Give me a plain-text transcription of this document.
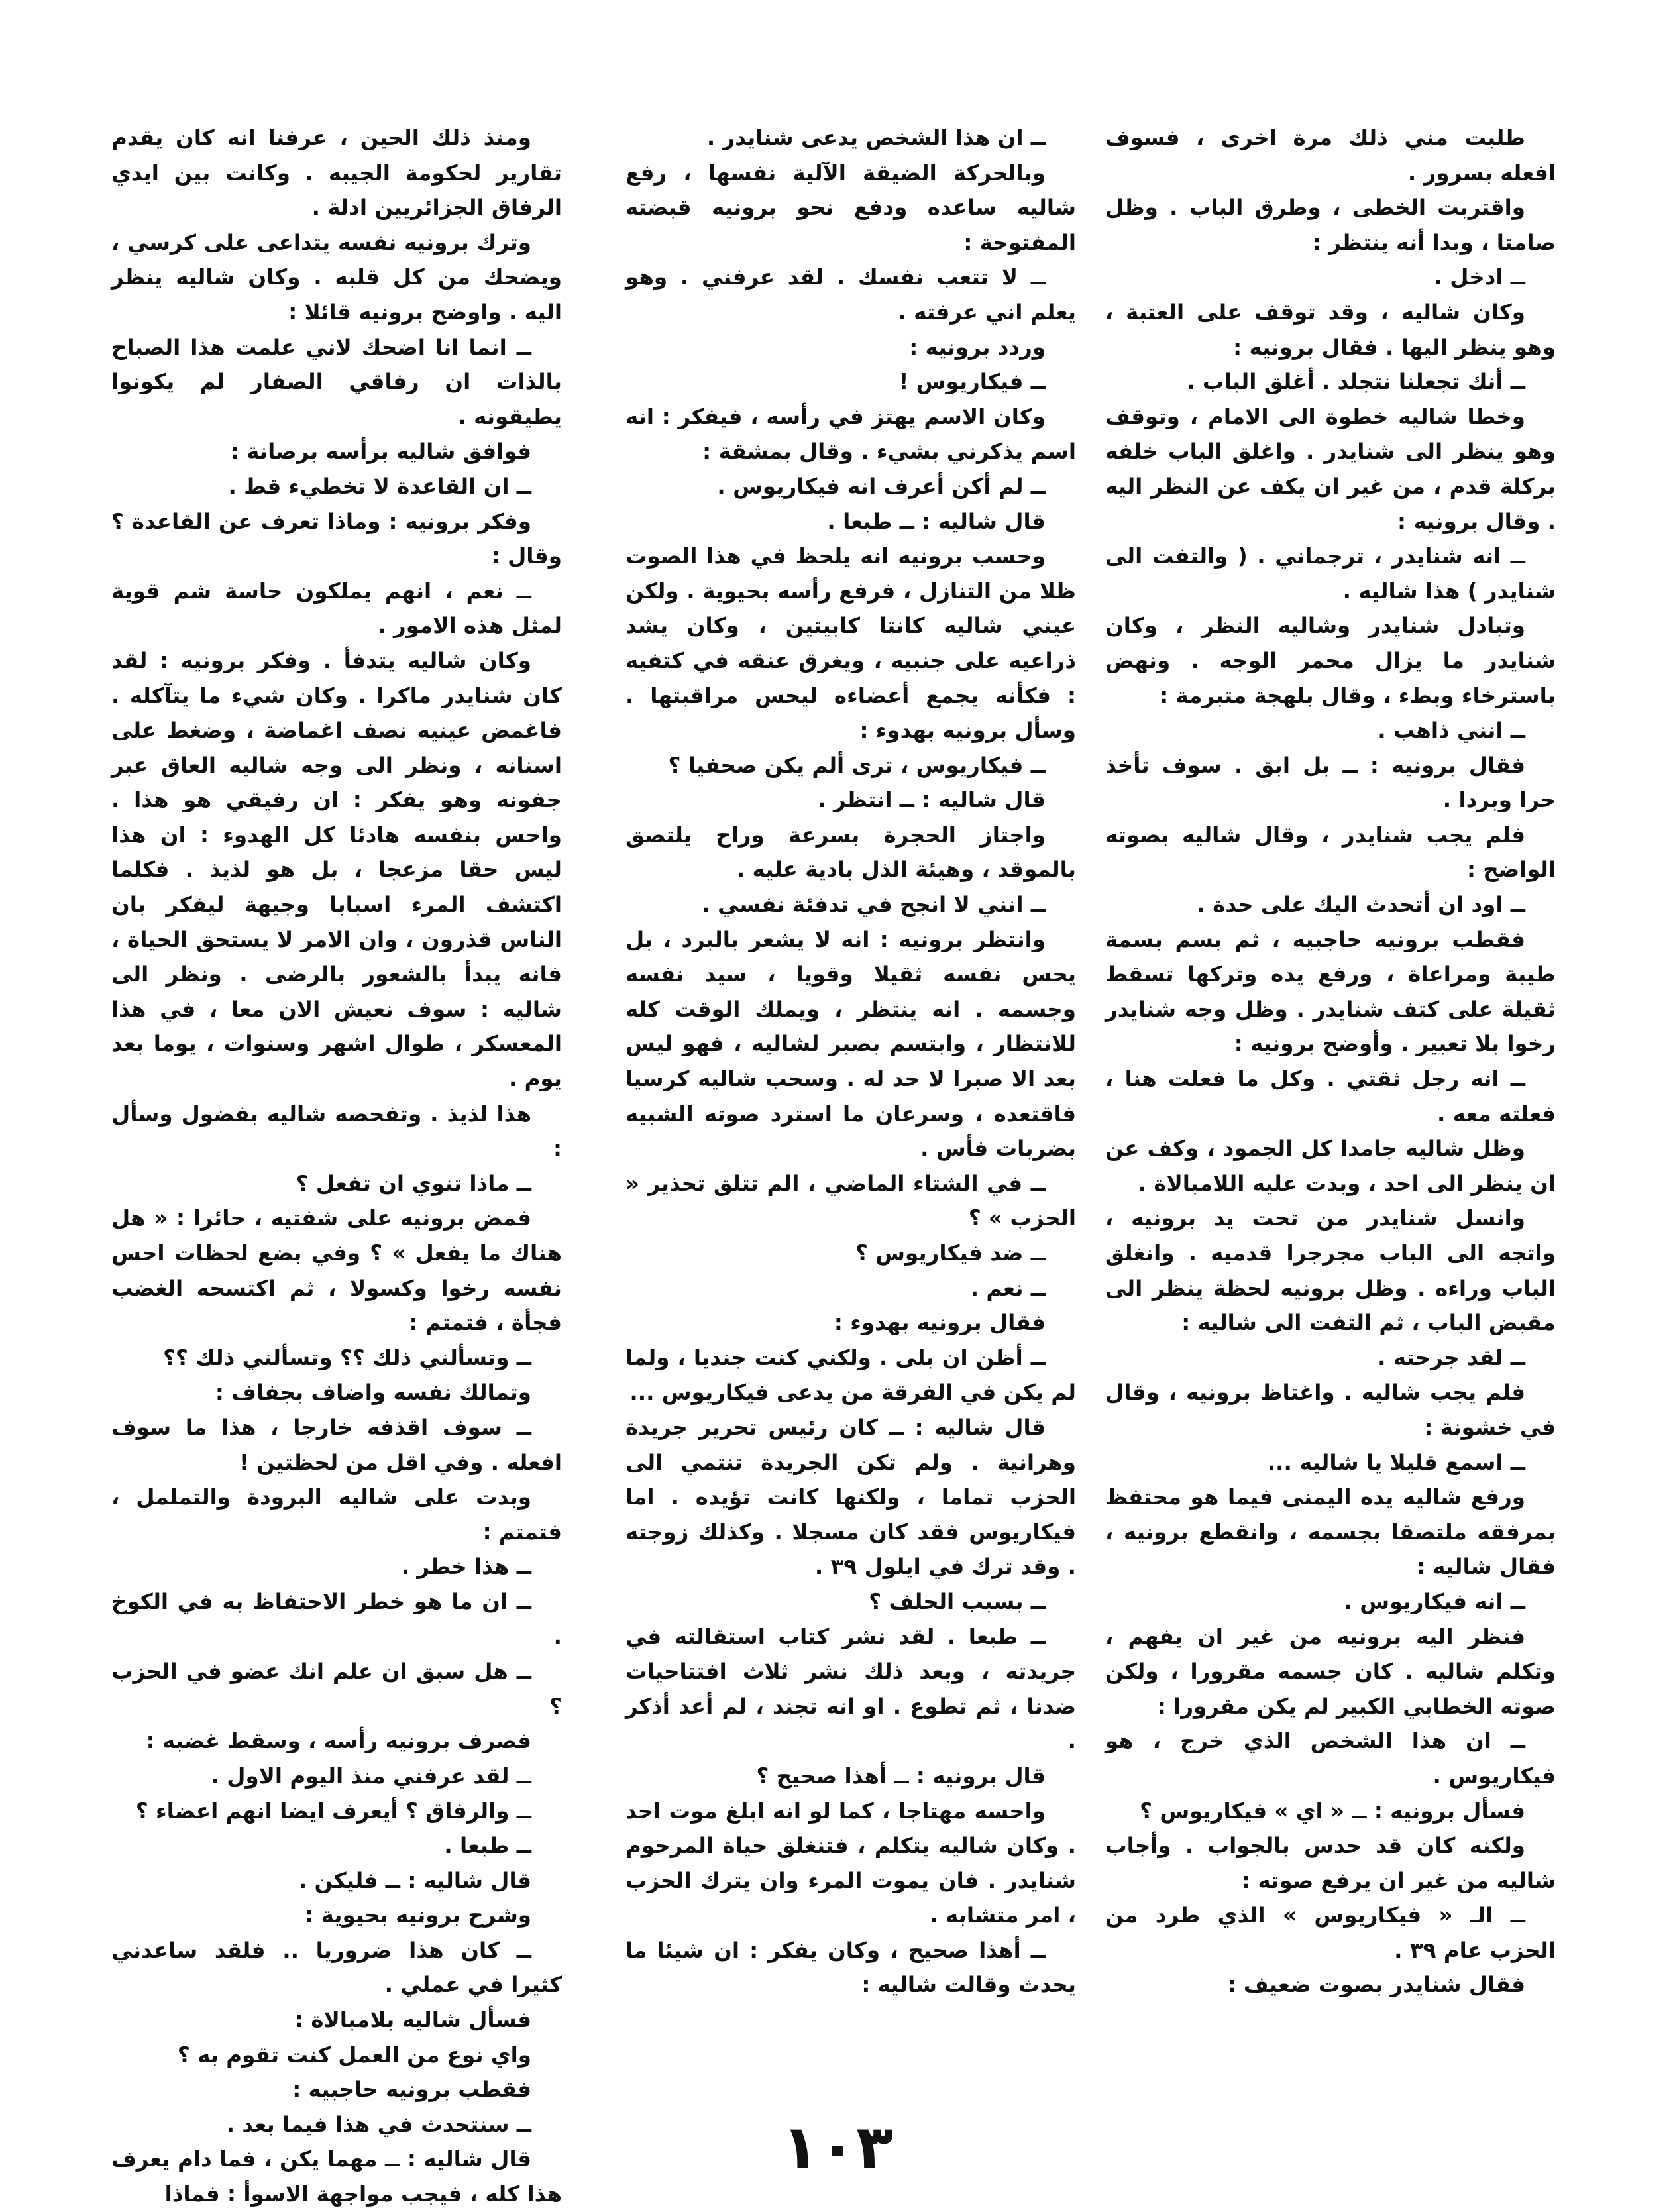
طلبت مني ذلك مرة اخرى ، فسوف افعله بسرور .

واقتربت الخطى ، وطرق الباب . وظل صامتا ، وبدا أنه ينتظر :

ــ ادخل .

وكان شاليه ، وقد توقف على العتبة ، وهو ينظر اليها . فقال برونيه :

ــ أنك تجعلنا نتجلد . أغلق الباب .

وخطا شاليه خطوة الى الامام ، وتوقف وهو ينظر الى شنايدر . واغلق الباب خلفه بركلة قدم ، من غير ان يكف عن النظر اليه . وقال برونيه :

ــ انه شنايدر ، ترجماني . ( والتفت الى شنايدر ) هذا شاليه .

وتبادل شنايدر وشاليه النظر ، وكان شنايدر ما يزال محمر الوجه . ونهض باسترخاء وبطء ، وقال بلهجة متبرمة :

ــ انني ذاهب .

فقال برونيه : ــ بل ابق . سوف تأخذ حرا وبردا .

فلم يجب شنايدر ، وقال شاليه بصوته الواضح :

ــ اود ان أتحدث اليك على حدة .

فقطب برونيه حاجبيه ، ثم بسم بسمة طيبة ومراعاة ، ورفع يده وتركها تسقط ثقيلة على كتف شنايدر . وظل وجه شنايدر رخوا بلا تعبير . وأوضح برونيه :

ــ انه رجل ثقتي . وكل ما فعلت هنا ، فعلته معه .

وظل شاليه جامدا كل الجمود ، وكف عن ان ينظر الى احد ، وبدت عليه اللامبالاة .

وانسل شنايدر من تحت يد برونيه ، واتجه الى الباب مجرجرا قدميه . وانغلق الباب وراءه . وظل برونيه لحظة ينظر الى مقبض الباب ، ثم التفت الى شاليه :

ــ لقد جرحته .

فلم يجب شاليه . واغتاظ برونيه ، وقال في خشونة :

ــ اسمع قليلا يا شاليه ...

ورفع شاليه يده اليمنى فيما هو محتفظ بمرفقه ملتصقا بجسمه ، وانقطع برونيه ، فقال شاليه :

ــ انه فيكاريوس .

فنظر اليه برونيه من غير ان يفهم ، وتكلم شاليه . كان جسمه مقرورا ، ولكن صوته الخطابي الكبير لم يكن مقرورا :

ــ ان هذا الشخص الذي خرج ، هو فيكاريوس .

فسأل برونيه : ــ « اي » فيكاريوس ؟

ولكنه كان قد حدس بالجواب . وأجاب شاليه من غير ان يرفع صوته :

ــ الـ « فيكاريوس » الذي طرد من الحزب عام ٣٩ .

فقال شنايدر بصوت ضعيف :

ــ ان هذا الشخص يدعى شنايدر .

وبالحركة الضيقة الآلية نفسها ، رفع شاليه ساعده ودفع نحو برونيه قبضته المفتوحة :

ــ لا تتعب نفسك . لقد عرفني . وهو يعلم اني عرفته .

وردد برونيه :

ــ فيكاريوس !

وكان الاسم يهتز في رأسه ، فيفكر : انه اسم يذكرني بشيء . وقال بمشقة :

ــ لم أكن أعرف انه فيكاريوس .

قال شاليه : ــ طبعا .

وحسب برونيه انه يلحظ في هذا الصوت ظلا من التنازل ، فرفع رأسه بحيوية . ولكن عيني شاليه كانتا كابيتين ، وكان يشد ذراعيه على جنبيه ، ويغرق عنقه في كتفيه : فكأنه يجمع أعضاءه ليحس مراقبتها . وسأل برونيه بهدوء :

ــ فيكاريوس ، ترى ألم يكن صحفيا ؟

قال شاليه : ــ انتظر .

واجتاز الحجرة بسرعة وراح يلتصق بالموقد ، وهيئة الذل بادية عليه .

ــ انني لا انجح في تدفئة نفسي .

وانتظر برونيه : انه لا يشعر بالبرد ، بل يحس نفسه ثقيلا وقويا ، سيد نفسه وجسمه . انه ينتظر ، ويملك الوقت كله للانتظار ، وابتسم بصبر لشاليه ، فهو ليس بعد الا صبرا لا حد له . وسحب شاليه كرسيا فاقتعده ، وسرعان ما استرد صوته الشبيه بضربات فأس .

ــ في الشتاء الماضي ، الم تتلق تحذير « الحزب » ؟

ــ ضد فيكاريوس ؟

ــ نعم .

فقال برونيه بهدوء :

ــ أظن ان بلى . ولكني كنت جنديا ، ولما لم يكن في الفرقة من يدعى فيكاريوس ...

قال شاليه : ــ كان رئيس تحرير جريدة وهرانية . ولم تكن الجريدة تنتمي الى الحزب تماما ، ولكنها كانت تؤيده . اما فيكاريوس فقد كان مسجلا . وكذلك زوجته . وقد ترك في ايلول ٣٩ .

ــ بسبب الحلف ؟

ــ طبعا . لقد نشر كتاب استقالته في جريدته ، وبعد ذلك نشر ثلاث افتتاحيات ضدنا ، ثم تطوع . او انه تجند ، لم أعد أذكر .

قال برونيه : ــ أهذا صحيح ؟

واحسه مهتاجا ، كما لو انه ابلغ موت احد . وكان شاليه يتكلم ، فتنغلق حياة المرحوم شنايدر . فان يموت المرء وان يترك الحزب ، امر متشابه .

ــ أهذا صحيح ، وكان يفكر : ان شيئا ما يحدث وقالت شاليه :

ومنذ ذلك الحين ، عرفنا انه كان يقدم تقارير لحكومة الجيبه . وكانت بين ايدي الرفاق الجزائريين ادلة .

وترك برونيه نفسه يتداعى على كرسي ، ويضحك من كل قلبه . وكان شاليه ينظر اليه . واوضح برونيه قائلا :

ــ انما انا اضحك لاني علمت هذا الصباح بالذات ان رفاقي الصفار لم يكونوا يطيقونه .

فوافق شاليه برأسه برصانة :

ــ ان القاعدة لا تخطيء قط .

وفكر برونيه : وماذا تعرف عن القاعدة ؟ وقال :

ــ نعم ، انهم يملكون حاسة شم قوية لمثل هذه الامور .

وكان شاليه يتدفأ . وفكر برونيه : لقد كان شنايدر ماكرا . وكان شيء ما يتآكله . فاغمض عينيه نصف اغماضة ، وضغط على اسنانه ، ونظر الى وجه شاليه العاق عبر جفونه وهو يفكر : ان رفيقي هو هذا . واحس بنفسه هادئا كل الهدوء : ان هذا ليس حقا مزعجا ، بل هو لذيذ . فكلما اكتشف المرء اسبابا وجيهة ليفكر بان الناس قذرون ، وان الامر لا يستحق الحياة ، فانه يبدأ بالشعور بالرضى . ونظر الى شاليه : سوف نعيش الان معا ، في هذا المعسكر ، طوال اشهر وسنوات ، يوما بعد يوم .

هذا لذيذ . وتفحصه شاليه بفضول وسأل :

ــ ماذا تنوي ان تفعل ؟

فمض برونيه على شفتيه ، حائرا : « هل هناك ما يفعل » ؟ وفي بضع لحظات احس نفسه رخوا وكسولا ، ثم اكتسحه الغضب فجأة ، فتمتم :

ــ وتسألني ذلك ؟؟ وتسألني ذلك ؟؟

وتمالك نفسه واضاف بجفاف :

ــ سوف اقذفه خارجا ، هذا ما سوف افعله . وفي اقل من لحظتين !

وبدت على شاليه البرودة والتململ ، فتمتم :

ــ هذا خطر .

ــ ان ما هو خطر الاحتفاظ به في الكوخ .

ــ هل سبق ان علم انك عضو في الحزب ؟

فصرف برونيه رأسه ، وسقط غضبه :

ــ لقد عرفني منذ اليوم الاول .

ــ والرفاق ؟ أيعرف ايضا انهم اعضاء ؟

ــ طبعا .

قال شاليه : ــ فليكن .

وشرح برونيه بحيوية :

ــ كان هذا ضروريا .. فلقد ساعدني كثيرا في عملي .

فسأل شاليه بلامبالاة :

واي نوع من العمل كنت تقوم به ؟

فقطب برونيه حاجبيه :

ــ سنتحدث في هذا فيما بعد .

قال شاليه : ــ مهما يكن ، فما دام يعرف هذا كله ، فيجب مواجهة الاسوأ : فماذا

١٠٣
